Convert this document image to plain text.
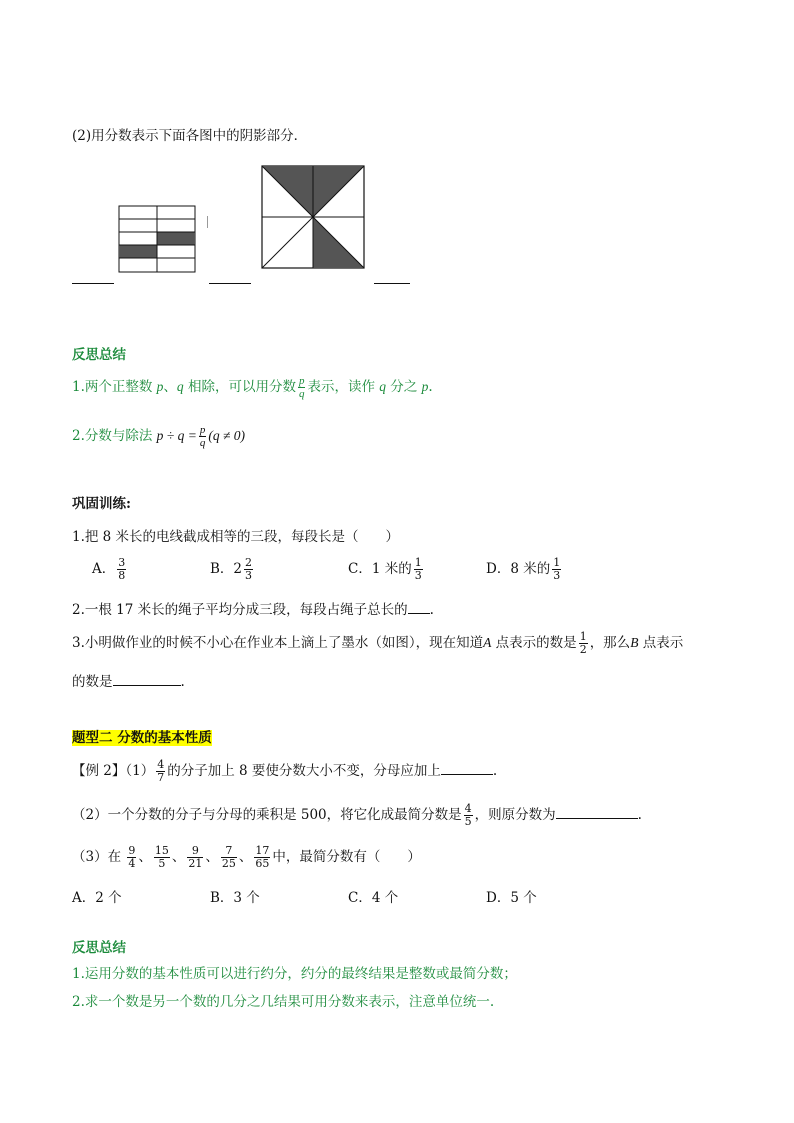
(2)用分数表示下面各图中的阴影部分．
反思总结
1.两个正整数 p、q 相除，可以用分数 $\frac{p}{q}$ 表示，读作 q 分之 p.
2.分数与除法 $p \div q = \frac{p}{q} (q \ne 0)$
巩固训练:
1.把 8 米长的电线截成相等的三段，每段长是（　　）
A． $\frac{3}{8}$	B．$2 \frac{2}{3}$	C．1 米的 $\frac{1}{3}$	D．8 米的 $\frac{1}{3}$
2.一根 17 米长的绳子平均分成三段，每段占绳子总长的 .
3.小明做作业的时候不小心在作业本上滴上了墨水（如图），现在知道A 点表示的数是 $\frac{1}{2}$ ，那么B 点表示
的数是	.
题型二 分数的基本性质
【例 2】$(1) \frac{4}{7}$ 的分子加上 8 要使分数大小不变，分母应加上	.
（2）一个分数的分子与分母的乘积是 500，将它化成最简分数是 $\frac{4}{5}$ ，则原分数为	.
（3）在 $\frac{9}{4}$ 、 $\frac{15}{5}$ 、 $\frac{9}{21}$ 、 $\frac{7}{25}$ 、 $\frac{17}{65}$ 中，最简分数有（　　）
A．2 个	B．3 个	C．4 个	D．5 个
反思总结
1.运用分数的基本性质可以进行约分，约分的最终结果是整数或最简分数；
2.求一个数是另一个数的几分之几结果可用分数来表示，注意单位统一.
